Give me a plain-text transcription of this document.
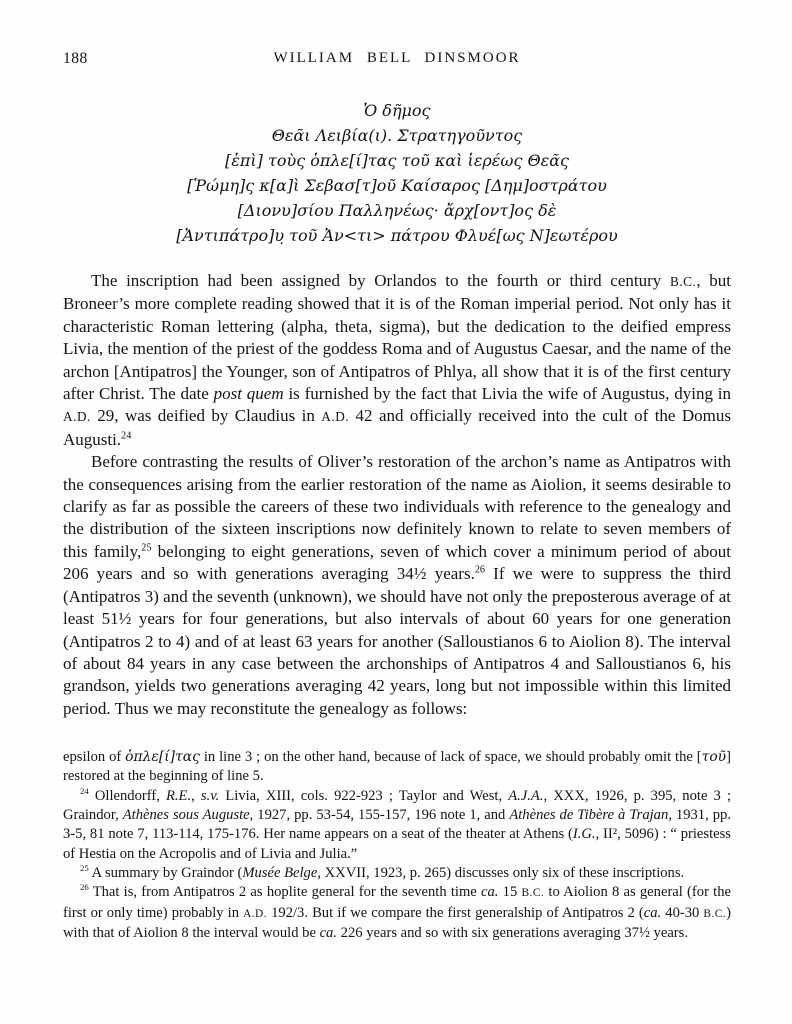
188	WILLIAM BELL DINSMOOR
Ὁ δῆμος
Θεᾶι Λειβία(ι). Στρατηγοῦντος
[ἐπὶ] τοὺς ὁπλε[ί]τας τοῦ καὶ ἱερέως Θεᾶς
[Ῥώμη]ς κ[α]ὶ Σεβασ[τ]οῦ Καίσαρος [Δημ]οστράτου
[Διονυ]σίου Παλληνέως· ἄρχ[οντ]ος δὲ
[Ἀντιπάτρο]υ̣ τοῦ Ἀν<τι> πάτρου Φλυέ[ως Ν]εωτέρου

The inscription had been assigned by Orlandos to the fourth or third century B.C., but Broneer’s more complete reading showed that it is of the Roman imperial period. Not only has it characteristic Roman lettering (alpha, theta, sigma), but the dedication to the deified empress Livia, the mention of the priest of the goddess Roma and of Augustus Caesar, and the name of the archon [Antipatros] the Younger, son of Antipatros of Phlya, all show that it is of the first century after Christ. The date post quem is furnished by the fact that Livia the wife of Augustus, dying in A.D. 29, was deified by Claudius in A.D. 42 and officially received into the cult of the Domus Augusti.$^{24}$

Before contrasting the results of Oliver’s restoration of the archon’s name as Antipatros with the consequences arising from the earlier restoration of the name as Aiolion, it seems desirable to clarify as far as possible the careers of these two individuals with reference to the genealogy and the distribution of the sixteen inscriptions now definitely known to relate to seven members of this family,$^{25}$ belonging to eight generations, seven of which cover a minimum period of about 206 years and so with generations averaging 34½ years.$^{26}$ If we were to suppress the third (Antipatros 3) and the seventh (unknown), we should have not only the preposterous average of at least 51½ years for four generations, but also intervals of about 60 years for one generation (Antipatros 2 to 4) and of at least 63 years for another (Salloustianos 6 to Aiolion 8). The interval of about 84 years in any case between the archonships of Antipatros 4 and Salloustianos 6, his grandson, yields two generations averaging 42 years, long but not impossible within this limited period. Thus we may reconstitute the genealogy as follows:

epsilon of ὁπλε[ί]τας in line 3 ; on the other hand, because of lack of space, we should probably omit the [τοῦ] restored at the beginning of line 5.

$^{24}$ Ollendorff, R.E., s.v. Livia, XIII, cols. 922-923 ; Taylor and West, A.J.A., XXX, 1926, p. 395, note 3 ; Graindor, Athènes sous Auguste, 1927, pp. 53-54, 155-157, 196 note 1, and Athènes de Tibère à Trajan, 1931, pp. 3-5, 81 note 7, 113-114, 175-176. Her name appears on a seat of the theater at Athens (I.G., II², 5096) : “ priestess of Hestia on the Acropolis and of Livia and Julia.”

$^{25}$ A summary by Graindor (Musée Belge, XXVII, 1923, p. 265) discusses only six of these inscriptions.

$^{26}$ That is, from Antipatros 2 as hoplite general for the seventh time ca. 15 B.C. to Aiolion 8 as general (for the first or only time) probably in A.D. 192/3. But if we compare the first generalship of Antipatros 2 (ca. 40-30 B.C.) with that of Aiolion 8 the interval would be ca. 226 years and so with six generations averaging 37½ years.
